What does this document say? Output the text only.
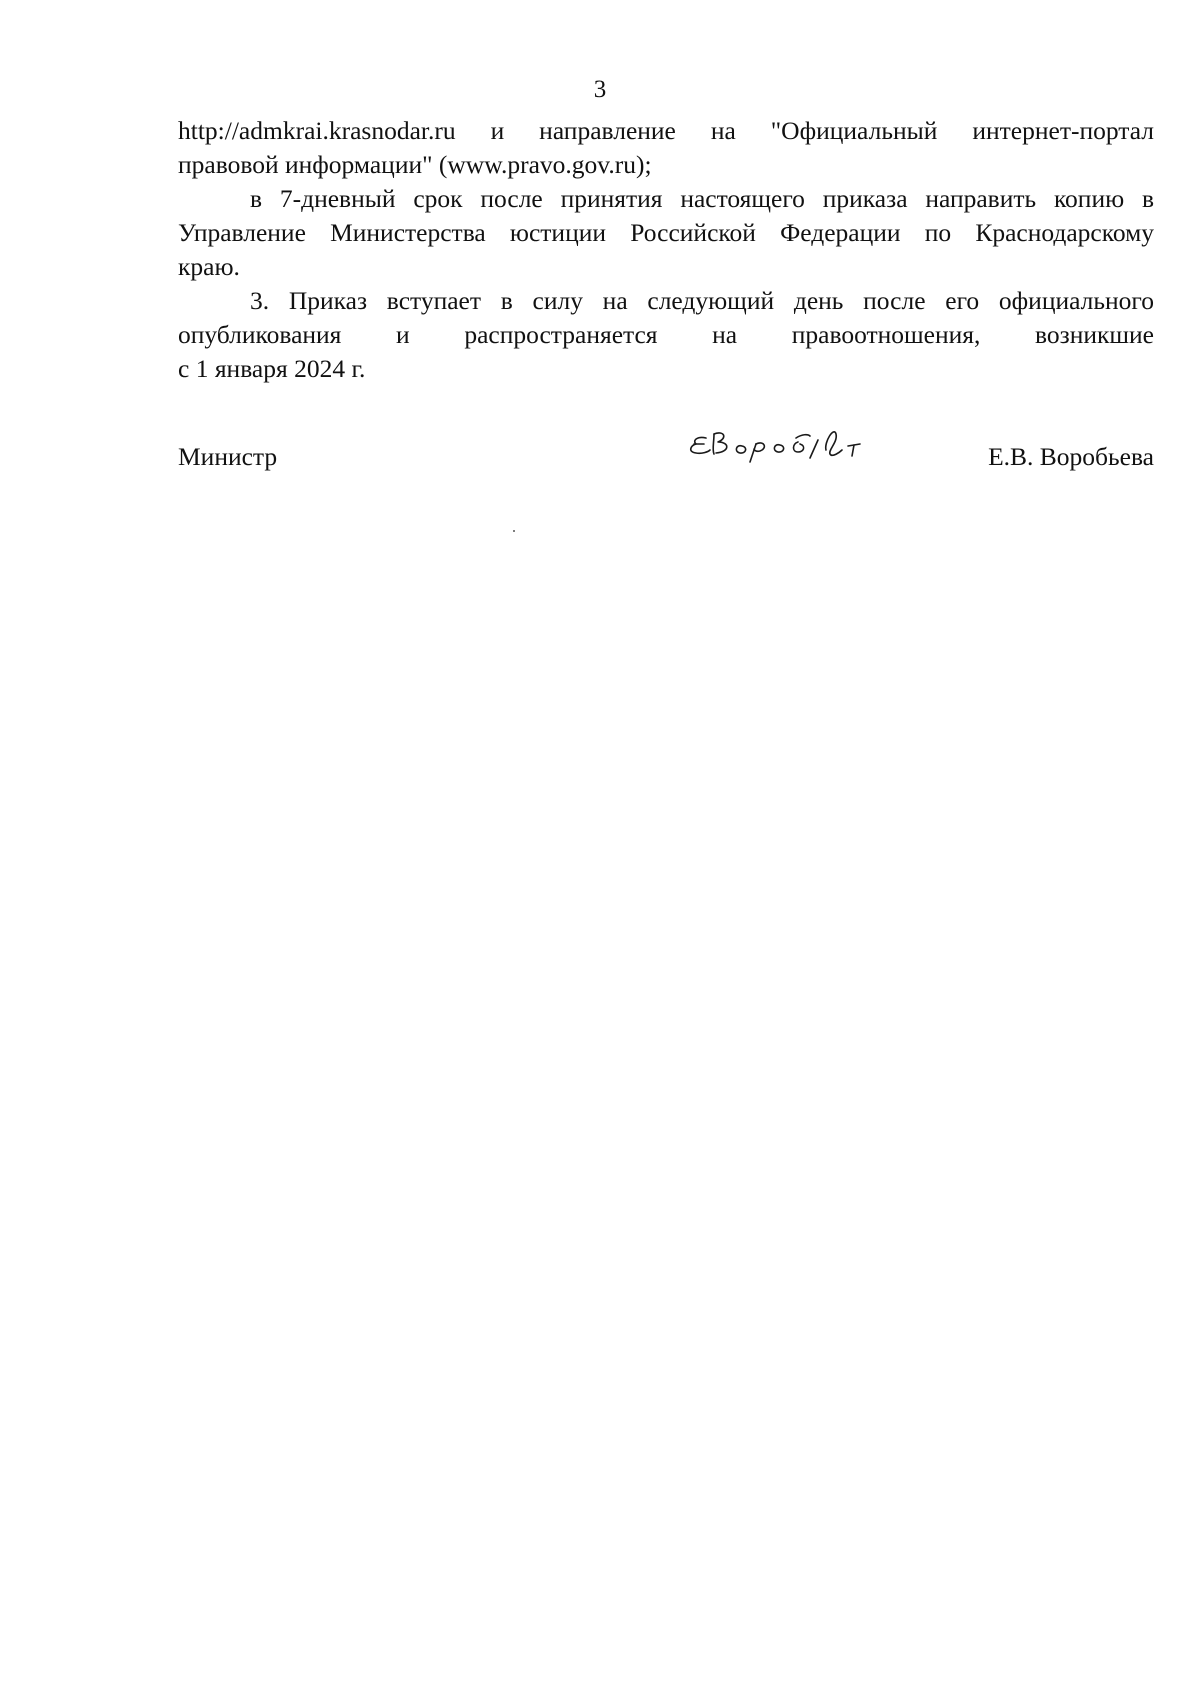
3

http://admkrai.krasnodar.ru и направление на "Официальный интернет-портал
правовой информации" (www.pravo.gov.ru);

в 7-дневный срок после принятия настоящего приказа направить копию в
Управление Министерства юстиции Российской Федерации по Краснодарскому
краю.

3. Приказ вступает в силу на следующий день после его официального
опубликования и распространяется на правоотношения, возникшие
с 1 января 2024 г.

Министр	Е.В. Воробьева
